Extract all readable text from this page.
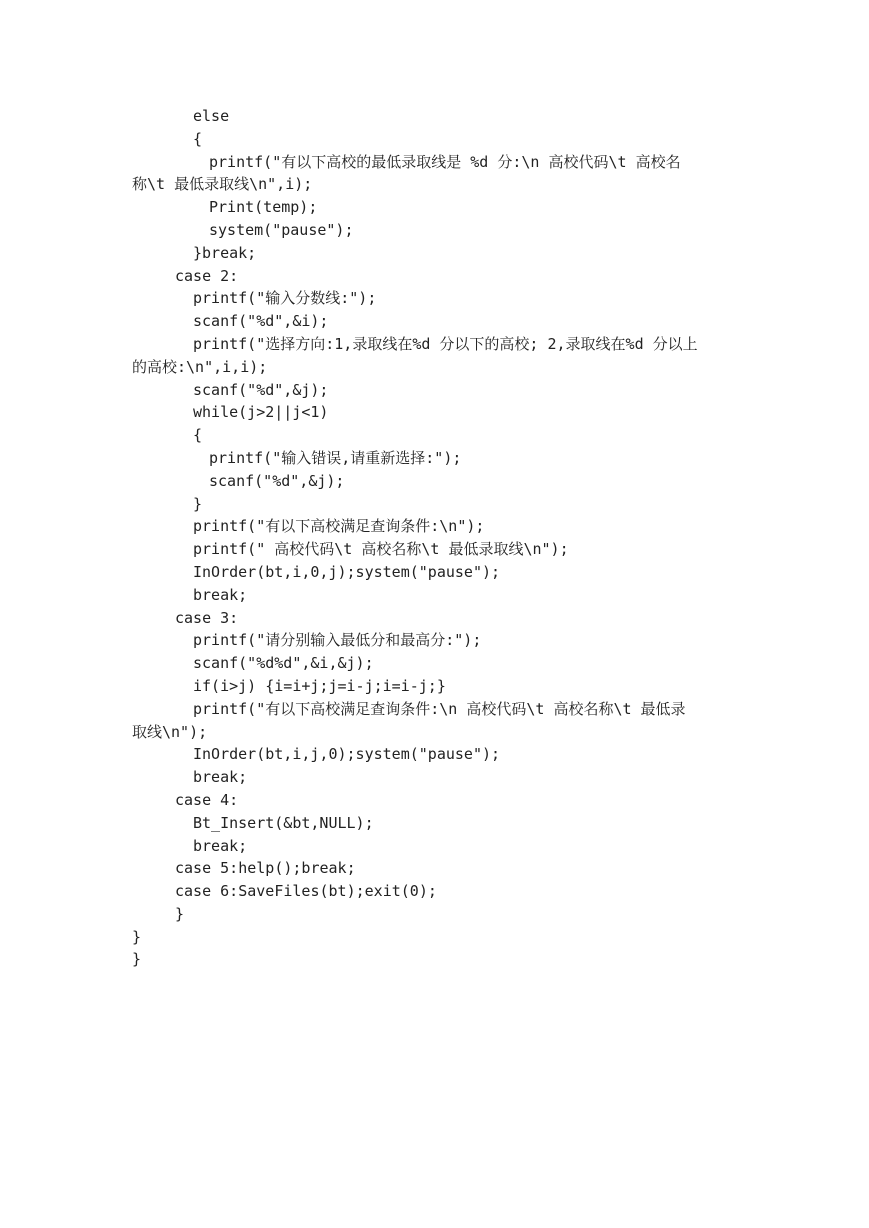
else
{
printf("有以下高校的最低录取线是 %d 分:\n 高校代码\t 高校名
称\t 最低录取线\n",i);
Print(temp);
system("pause");
}break;
case 2:
printf("输入分数线:");
scanf("%d",&i);
printf("选择方向:1,录取线在%d 分以下的高校; 2,录取线在%d 分以上
的高校:\n",i,i);
scanf("%d",&j);
while(j>2||j<1)
{
printf("输入错误,请重新选择:");
scanf("%d",&j);
}
printf("有以下高校满足查询条件:\n");
printf(" 高校代码\t 高校名称\t 最低录取线\n");
InOrder(bt,i,0,j);system("pause");
break;
case 3:
printf("请分别输入最低分和最高分:");
scanf("%d%d",&i,&j);
if(i>j) {i=i+j;j=i-j;i=i-j;}
printf("有以下高校满足查询条件:\n 高校代码\t 高校名称\t 最低录
取线\n");
InOrder(bt,i,j,0);system("pause");
break;
case 4:
Bt_Insert(&bt,NULL);
break;
case 5:help();break;
case 6:SaveFiles(bt);exit(0);
}
}
}
